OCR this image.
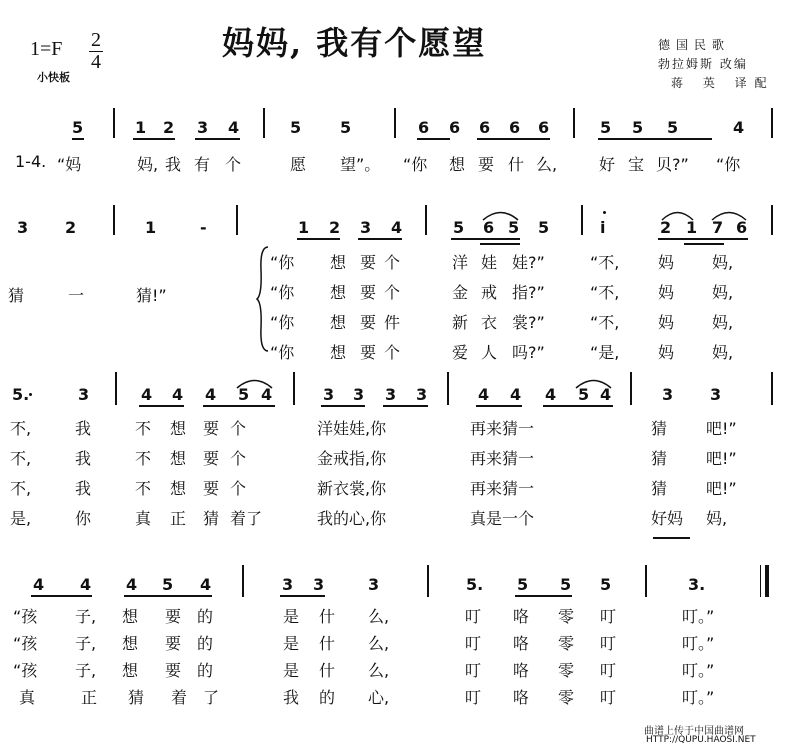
1=F 2
4
小快板
妈妈, 我有个愿望	德国民歌
勃拉姆斯 改编
蒋 英 译配
5	1 2 3 4	5 5	6 6 6 6 6	5 5 5	4
1-4. “妈	妈, 我 有 个	愿 望”。 “你 想 要 什 么,	好 宝 贝?” “你
3 2	1	-	1 2 3 4	5 6 5 5	i	2 1 7 6
猜	一	猜!”
“你 想 要 个	洋 娃 娃?”	“不, 妈 妈,
“你 想 要 个	金 戒 指?”	“不, 妈 妈,
“你 想 要 件	新 衣 裳?”	“不, 妈 妈,
“你 想 要 个	爱 人 吗?”	“是, 妈 妈,
5.	3	4 4 4 5 4	3 3 3 3	4 4 4 5 4	3 3
不,	我	不 想 要 个	洋娃娃,你	再来猜一	猜 吧!”
不,	我	不 想 要 个	金戒指,你	再来猜一	猜 吧!”
不,	我	不 想 要 个	新衣裳,你	再来猜一	猜 吧!”
是,	你	真 正 猜 着了	我的心,你	真是一个	好妈 妈,
4 4 4 5 4	3 3	3	5. 5 5 5	3.
“孩 子, 想 要 的	是 什 么,	叮 咯 零 叮	叮。”
“孩 子, 想 要 的	是 什 么,	叮 咯 零 叮	叮。”
“孩 子, 想 要 的	是 什 么,	叮 咯 零 叮	叮。”
真	正 猜 着 了	我 的 心,	叮 咯 零 叮	叮。”
曲谱上传于中国曲谱网
HTTP://QUPU.HAOSI.NET
